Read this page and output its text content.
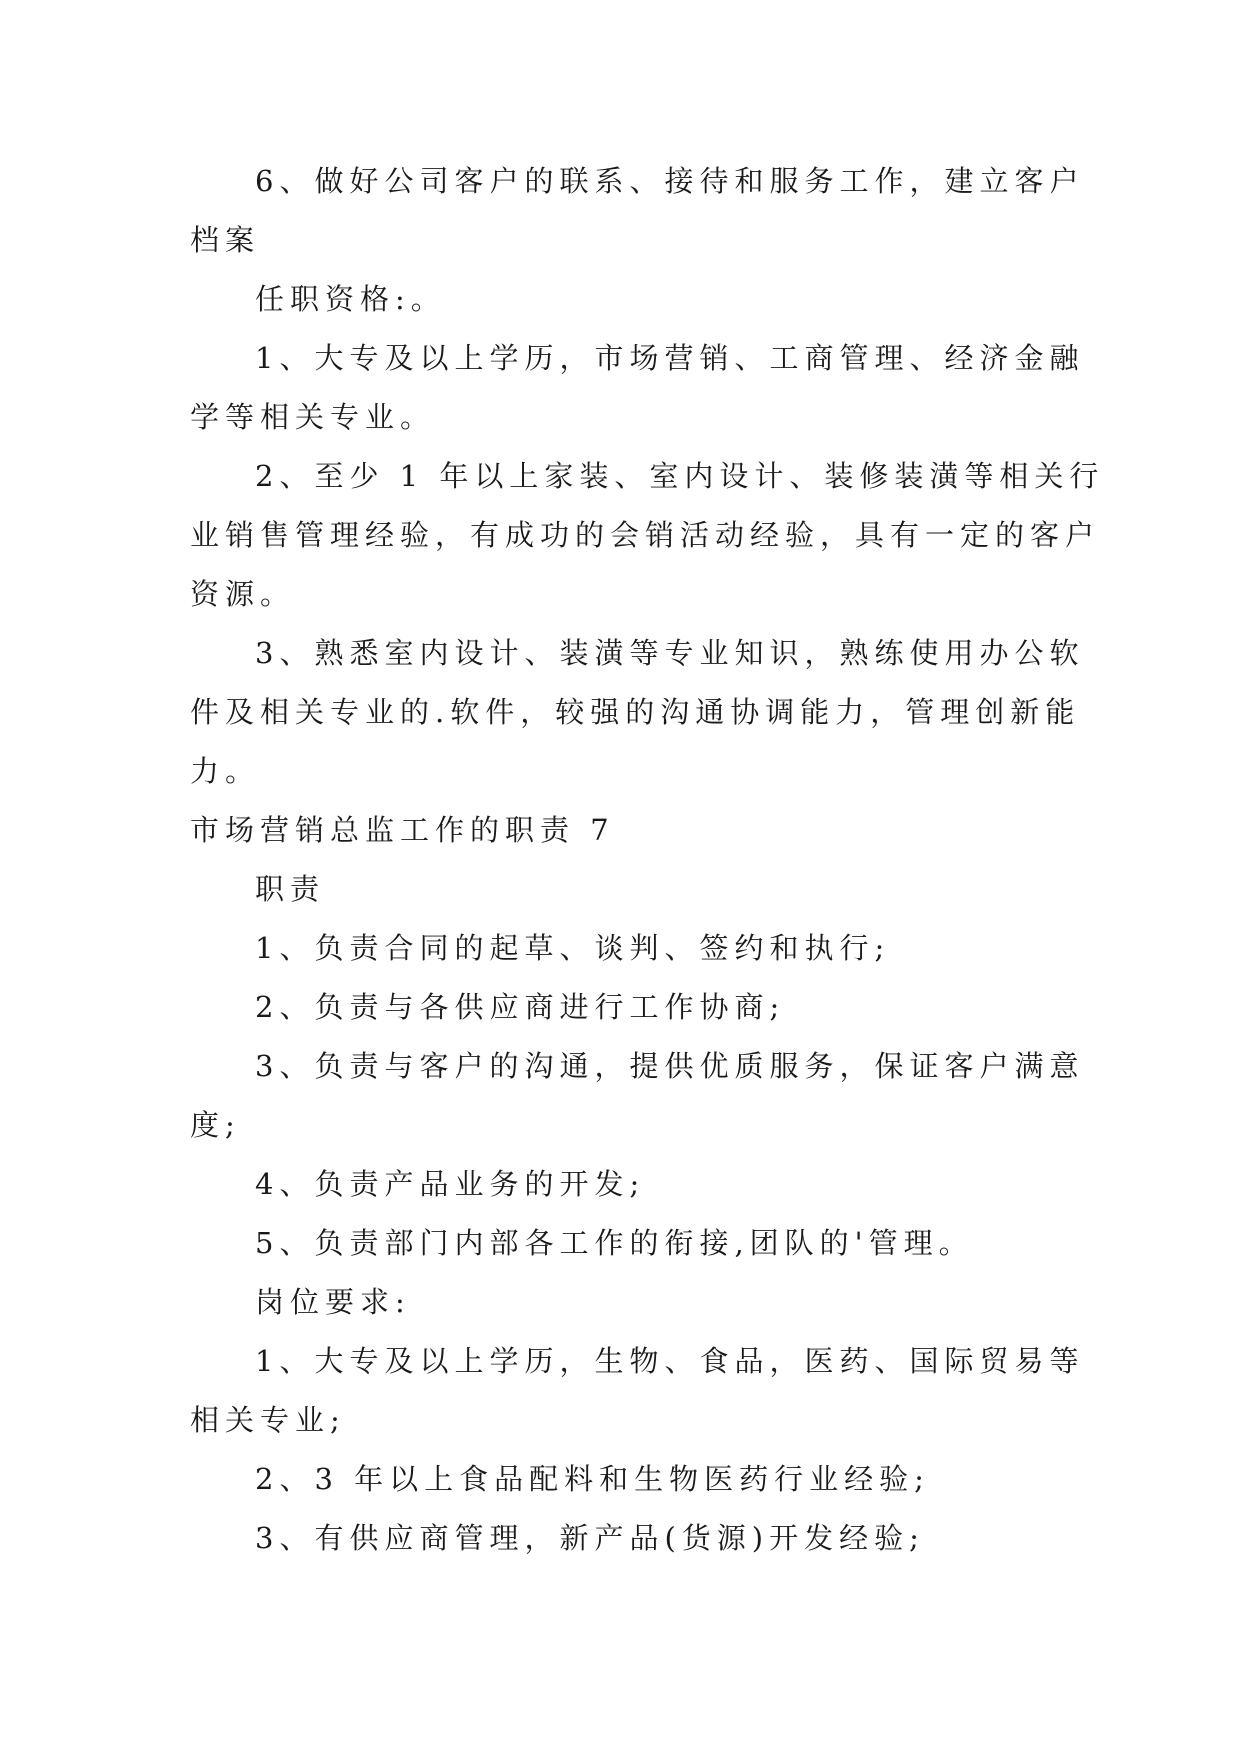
6、做好公司客户的联系、接待和服务工作，建立客户

档案

任职资格:。

1、大专及以上学历，市场营销、工商管理、经济金融

学等相关专业。

2、至少 1 年以上家装、室内设计、装修装潢等相关行

业销售管理经验，有成功的会销活动经验，具有一定的客户

资源。

3、熟悉室内设计、装潢等专业知识，熟练使用办公软

件及相关专业的.软件，较强的沟通协调能力，管理创新能

力。

市场营销总监工作的职责 7

职责

1、负责合同的起草、谈判、签约和执行;

2、负责与各供应商进行工作协商;

3、负责与客户的沟通，提供优质服务，保证客户满意

度;

4、负责产品业务的开发;

5、负责部门内部各工作的衔接,团队的'管理。

岗位要求:

1、大专及以上学历，生物、食品，医药、国际贸易等

相关专业;

2、3 年以上食品配料和生物医药行业经验;

3、有供应商管理，新产品(货源)开发经验;
